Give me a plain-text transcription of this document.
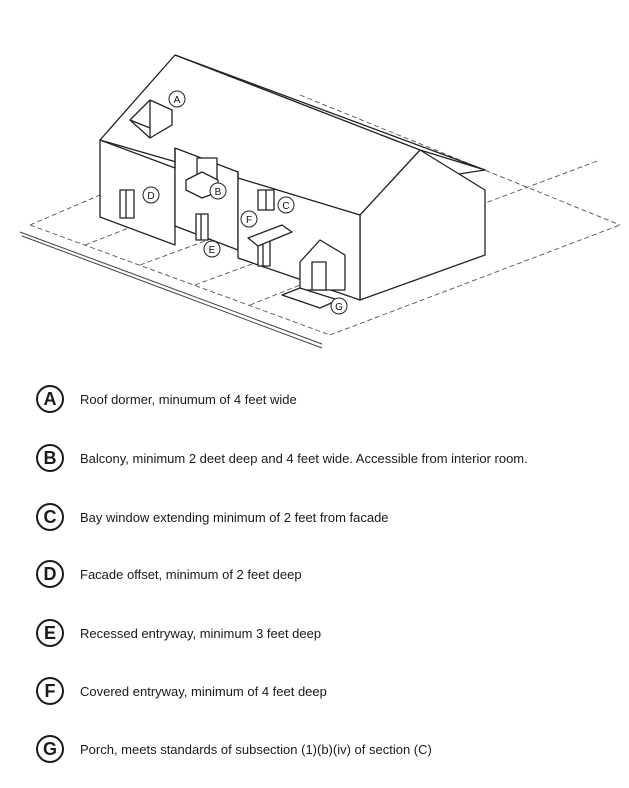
A
B
C
D
E
F
G
A	Roof dormer, minumum of 4 feet wide
B	Balcony, minimum 2 deet deep and 4 feet wide. Accessible from interior room.
C	Bay window extending minimum of 2 feet from facade
D	Facade offset, minimum of 2 feet deep
E	Recessed entryway, minimum 3 feet deep
F	Covered entryway, minimum of 4 feet deep
G	Porch, meets standards of subsection (1)(b)(iv) of section (C)
